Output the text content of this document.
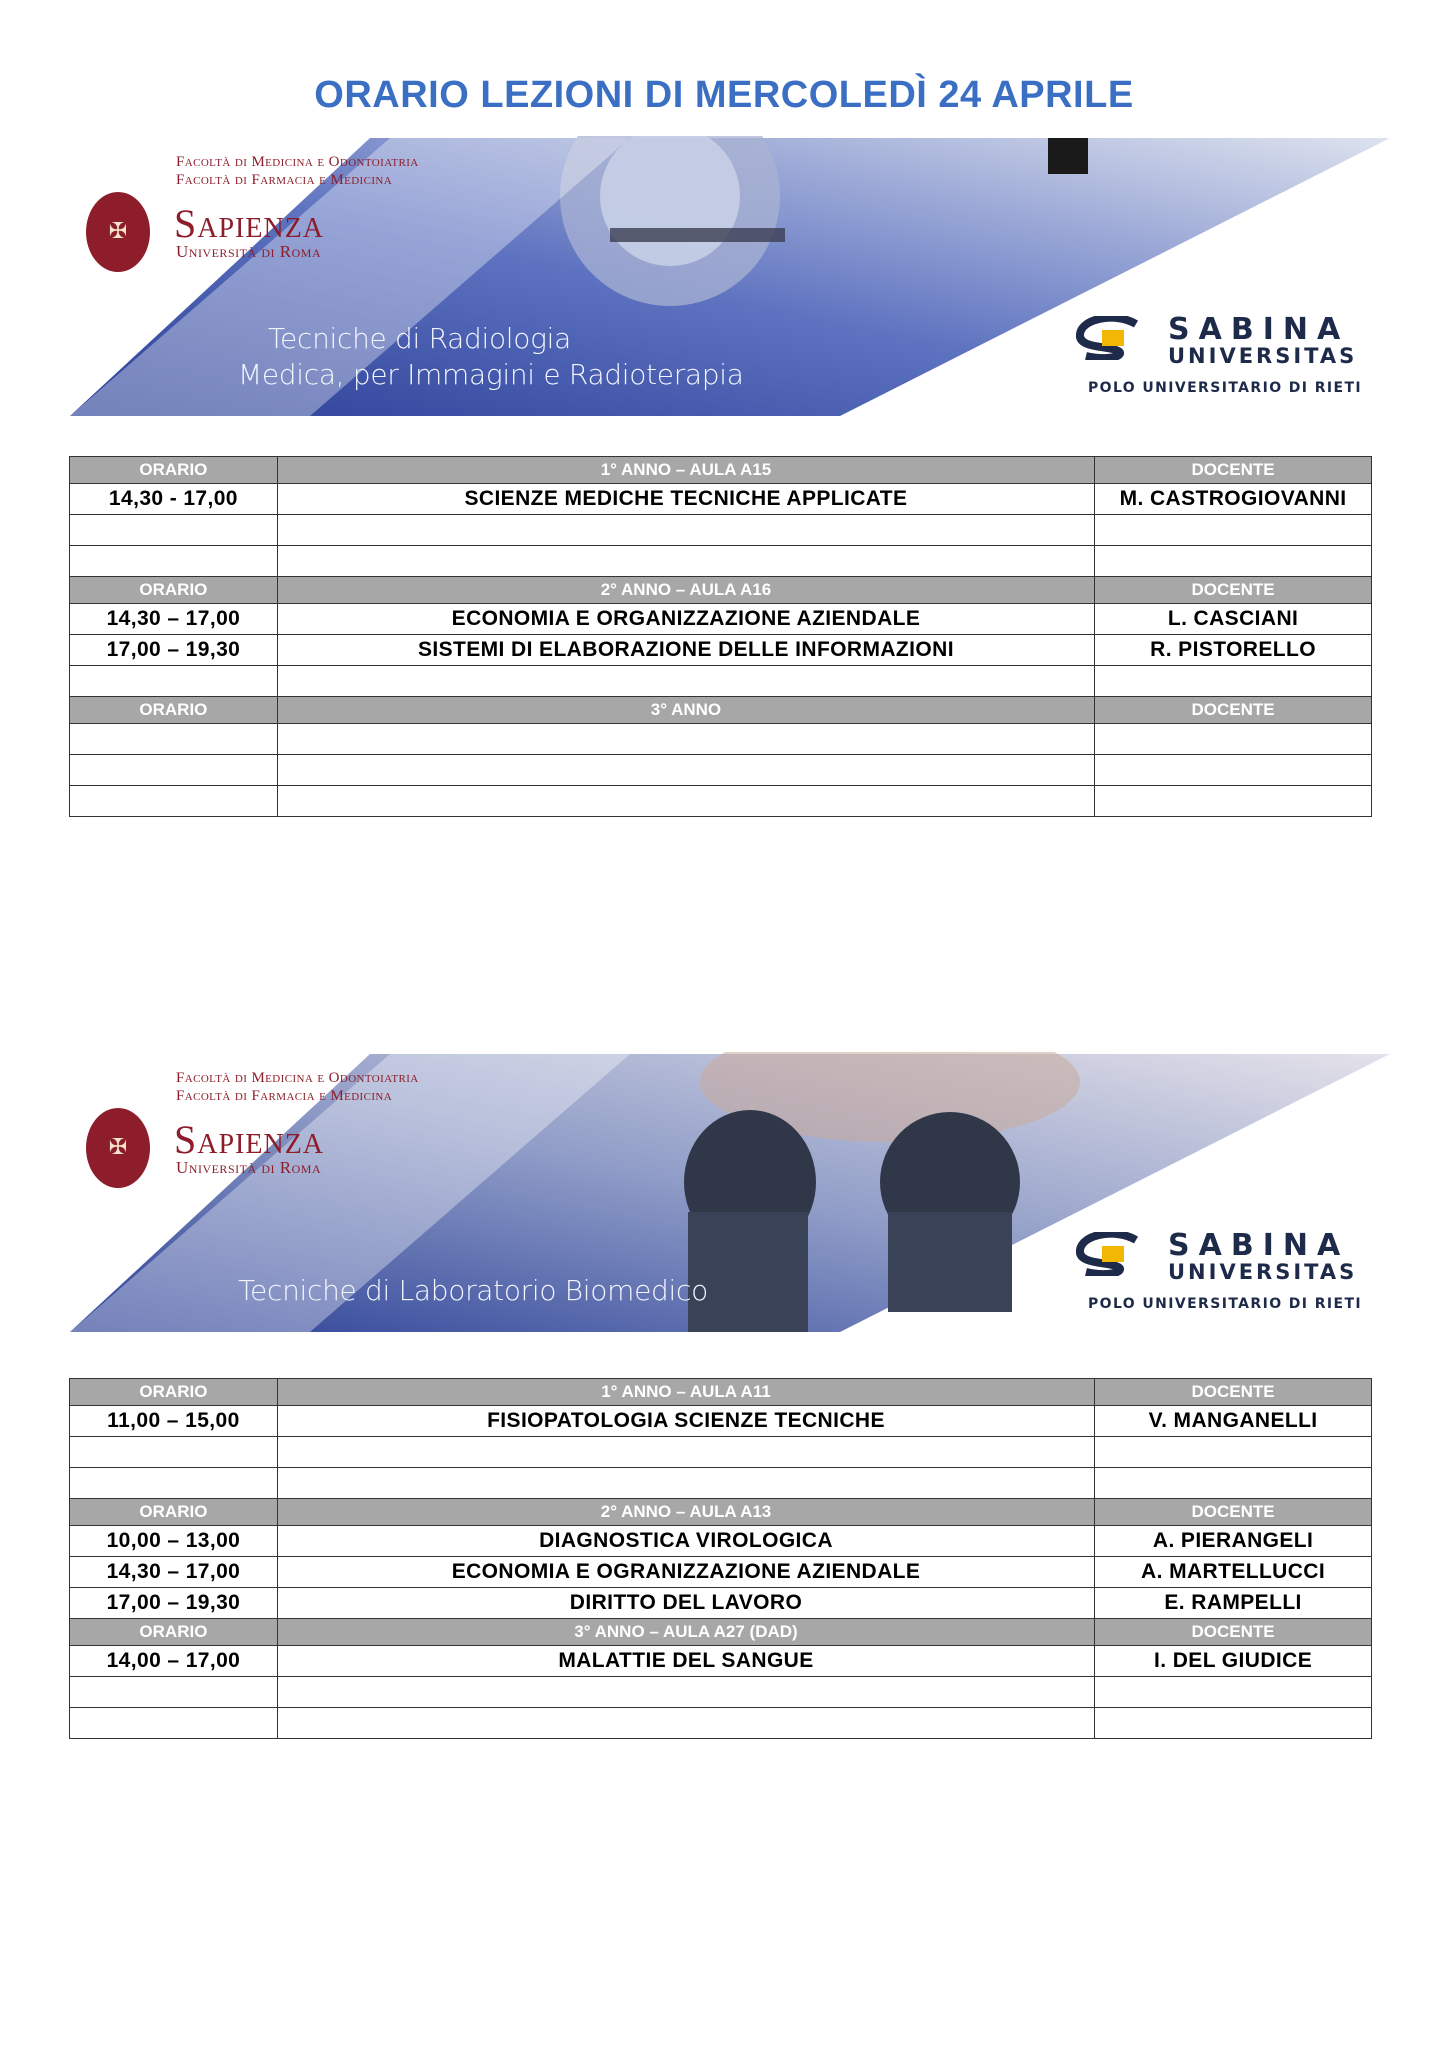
ORARIO LEZIONI DI MERCOLEDÌ 24 APRILE
✠
Facoltà di Medicina e Odontoiatria
Facoltà di Farmacia e Medicina
Sapienza
Università di Roma
Tecniche di Radiologia
Medica, per Immagini e Radioterapia
SABINA
UNIVERSITAS
POLO UNIVERSITARIO DI RIETI
ORARIO	1° ANNO – AULA A15	DOCENTE
14,30 - 17,00	SCIENZE MEDICHE TECNICHE APPLICATE	M. CASTROGIOVANNI

ORARIO	2° ANNO – AULA A16	DOCENTE
14,30 – 17,00	ECONOMIA E ORGANIZZAZIONE AZIENDALE	L. CASCIANI
17,00 – 19,30	SISTEMI DI ELABORAZIONE DELLE INFORMAZIONI	R. PISTORELLO

ORARIO	3° ANNO	DOCENTE

✠
Facoltà di Medicina e Odontoiatria
Facoltà di Farmacia e Medicina
Sapienza
Università di Roma
Tecniche di Laboratorio Biomedico
SABINA
UNIVERSITAS
POLO UNIVERSITARIO DI RIETI
ORARIO	1° ANNO – AULA A11	DOCENTE
11,00 – 15,00	FISIOPATOLOGIA SCIENZE TECNICHE	V. MANGANELLI

ORARIO	2° ANNO – AULA A13	DOCENTE
10,00 – 13,00	DIAGNOSTICA VIROLOGICA	A. PIERANGELI
14,30 – 17,00	ECONOMIA E OGRANIZZAZIONE AZIENDALE	A. MARTELLUCCI
17,00 – 19,30	DIRITTO DEL LAVORO	E. RAMPELLI
ORARIO	3° ANNO – AULA A27 (DAD)	DOCENTE
14,00 – 17,00	MALATTIE DEL SANGUE	I. DEL GIUDICE
